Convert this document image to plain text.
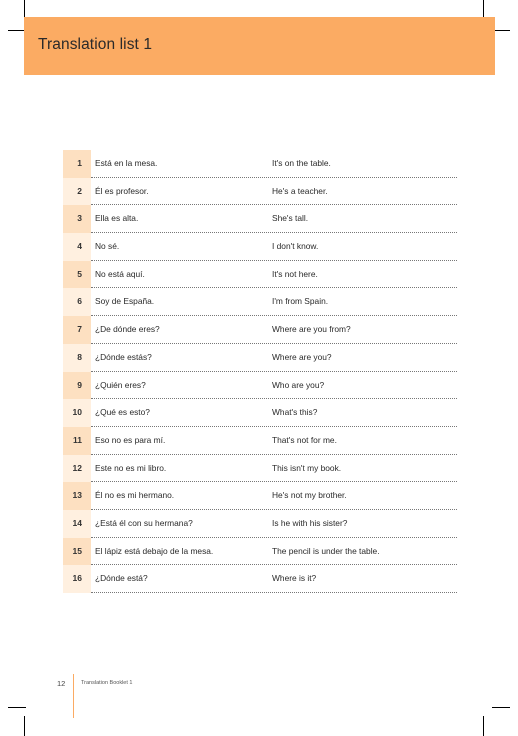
Translation list 1
1	Está en la mesa.	It's on the table.
2	Él es profesor.	He's a teacher.
3	Ella es alta.	She's tall.
4	No sé.	I don't know.
5	No está aquí.	It's not here.
6	Soy de España.	I'm from Spain.
7	¿De dónde eres?	Where are you from?
8	¿Dónde estás?	Where are you?
9	¿Quién eres?	Who are you?
10	¿Qué es esto?	What's this?
11	Eso no es para mí.	That's not for me.
12	Este no es mi libro.	This isn't my book.
13	Él no es mi hermano.	He's not my brother.
14	¿Está él con su hermana?	Is he with his sister?
15	El lápiz está debajo de la mesa.	The pencil is under the table.
16	¿Dónde está?	Where is it?
12	Translation Booklet 1
